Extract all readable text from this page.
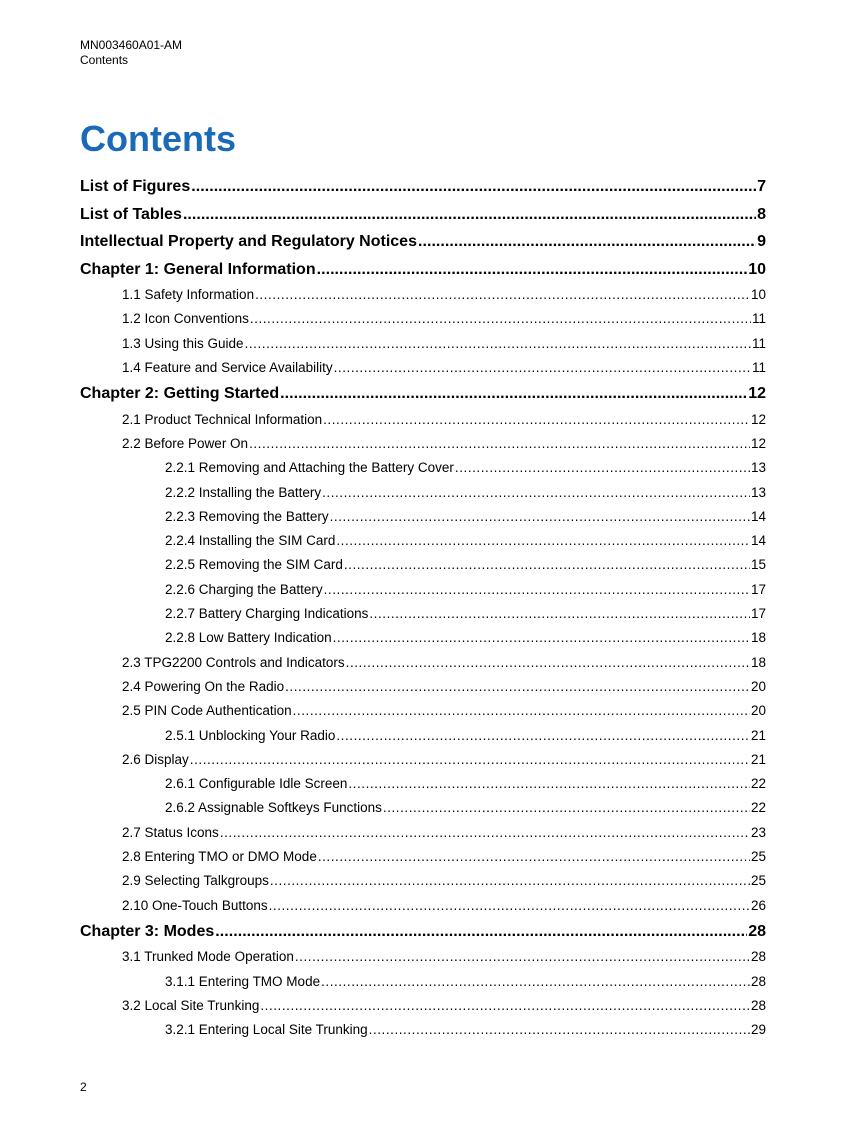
MN003460A01-AM
Contents
Contents
List of Figures . . .	7
List of Tables . . .	8
Intellectual Property and Regulatory Notices . . .	9
Chapter 1: General Information . . .	10
1.1 Safety Information . . .	10
1.2 Icon Conventions . . .	11
1.3 Using this Guide . . .	11
1.4 Feature and Service Availability . . .	11
Chapter 2: Getting Started . . .	12
2.1 Product Technical Information . . .	12
2.2 Before Power On . . .	12
2.2.1 Removing and Attaching the Battery Cover . . .	13
2.2.2 Installing the Battery . . .	13
2.2.3 Removing the Battery . . .	14
2.2.4 Installing the SIM Card . . .	14
2.2.5 Removing the SIM Card . . .	15
2.2.6 Charging the Battery . . .	17
2.2.7 Battery Charging Indications . . .	17
2.2.8 Low Battery Indication . . .	18
2.3 TPG2200 Controls and Indicators . . .	18
2.4 Powering On the Radio . . .	20
2.5 PIN Code Authentication . . .	20
2.5.1 Unblocking Your Radio . . .	21
2.6 Display . . .	21
2.6.1 Configurable Idle Screen . . .	22
2.6.2 Assignable Softkeys Functions . . .	22
2.7 Status Icons . . .	23
2.8 Entering TMO or DMO Mode . . .	25
2.9 Selecting Talkgroups . . .	25
2.10 One-Touch Buttons . . .	26
Chapter 3: Modes . . .	28
3.1 Trunked Mode Operation . . .	28
3.1.1 Entering TMO Mode . . .	28
3.2 Local Site Trunking . . .	28
3.2.1 Entering Local Site Trunking . . .	29
2
